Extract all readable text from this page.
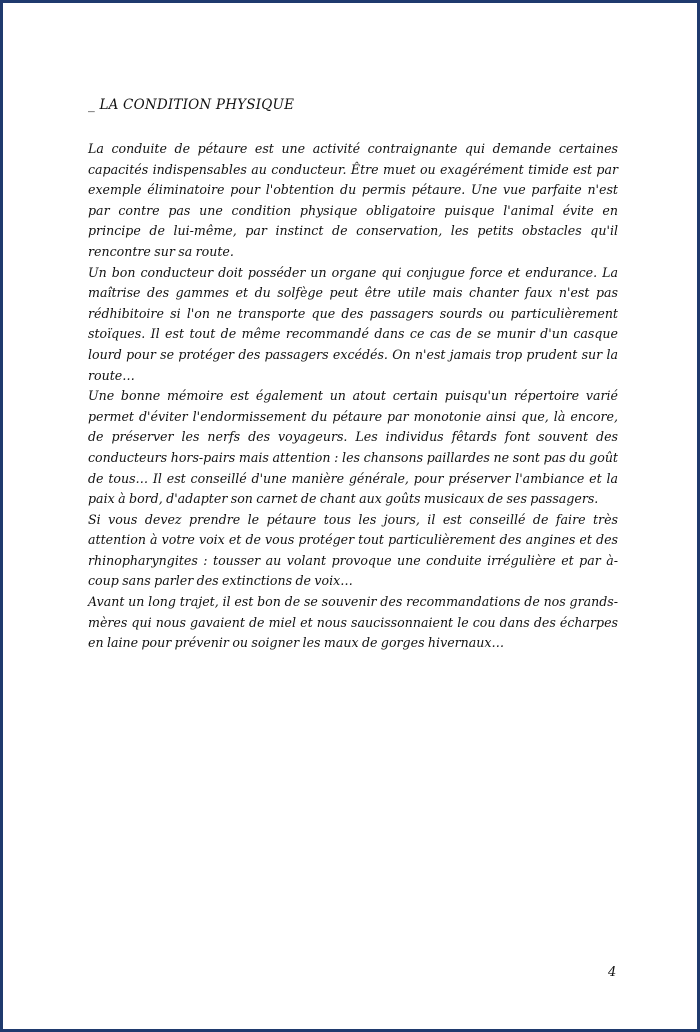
_ LA CONDITION PHYSIQUE

La conduite de pétaure est une activité contraignante qui demande certaines capacités indispensables au conducteur. Être muet ou exagérément timide est par exemple éliminatoire pour l'obtention du permis pétaure. Une vue parfaite n'est par contre pas une condition physique obligatoire puisque l'animal évite en principe de lui-même, par instinct de conservation, les petits obstacles qu'il rencontre sur sa route.

Un bon conducteur doit posséder un organe qui conjugue force et endurance. La maîtrise des gammes et du solfège peut être utile mais chanter faux n'est pas rédhibitoire si l'on ne transporte que des passagers sourds ou particulièrement stoïques. Il est tout de même recommandé dans ce cas de se munir d'un casque lourd pour se protéger des passagers excédés. On n'est jamais trop prudent sur la route…

Une bonne mémoire est également un atout certain puisqu'un répertoire varié permet d'éviter l'endormissement du pétaure par monotonie ainsi que, là encore, de préserver les nerfs des voyageurs. Les individus fêtards font souvent des conducteurs hors-pairs mais attention : les chansons paillardes ne sont pas du goût de tous… Il est conseillé d'une manière générale, pour préserver l'ambiance et la paix à bord, d'adapter son carnet de chant aux goûts musicaux de ses passagers.

Si vous devez prendre le pétaure tous les jours, il est conseillé de faire très attention à votre voix et de vous protéger tout particulièrement des angines et des rhinopharyngites : tousser au volant provoque une conduite irrégulière et par à-coup sans parler des extinctions de voix…

Avant un long trajet, il est bon de se souvenir des recommandations de nos grands-mères qui nous gavaient de miel et nous saucissonnaient le cou dans des écharpes en laine pour prévenir ou soigner les maux de gorges hivernaux…

4
